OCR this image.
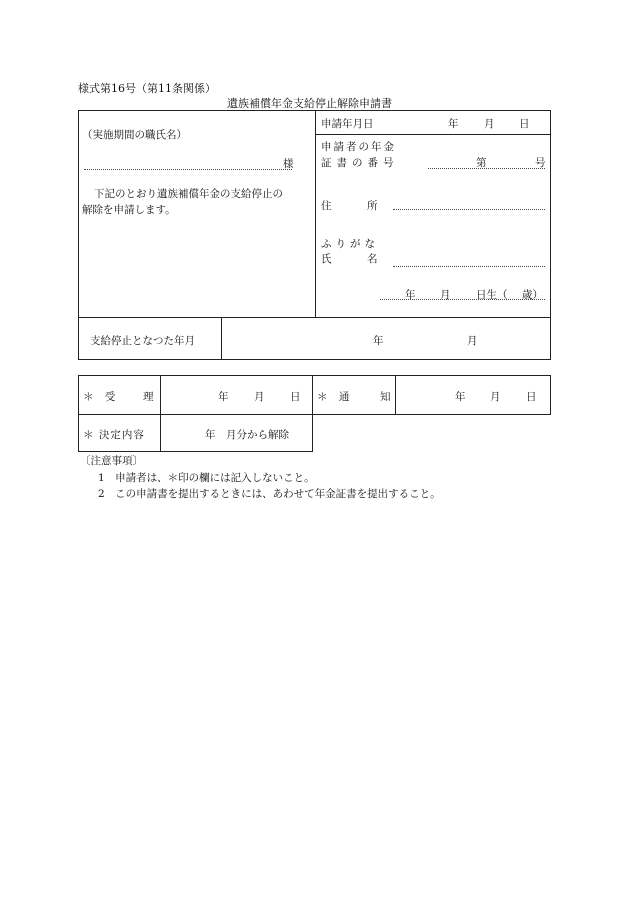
様式第16号（第11条関係）
遺族補償年金支給停止解除申請書
（実施期間の職氏名）
様
下記のとおり遺族補償年金の支給停止の
解除を申請します。
申請年月日	年 月 日
申請者の年金
証書の番号	第	号
住	所
ふりがな
氏	名
年 月 日生（ 歳）
支給停止となつた年月	年	月
＊ 受 理	年 月 日 ＊ 通	知	年 月 日
＊ 決定内容	年　月分から解除
〔注意事項〕
1　申請者は、＊印の欄には記入しないこと。
2　この申請書を提出するときには、あわせて年金証書を提出すること。
